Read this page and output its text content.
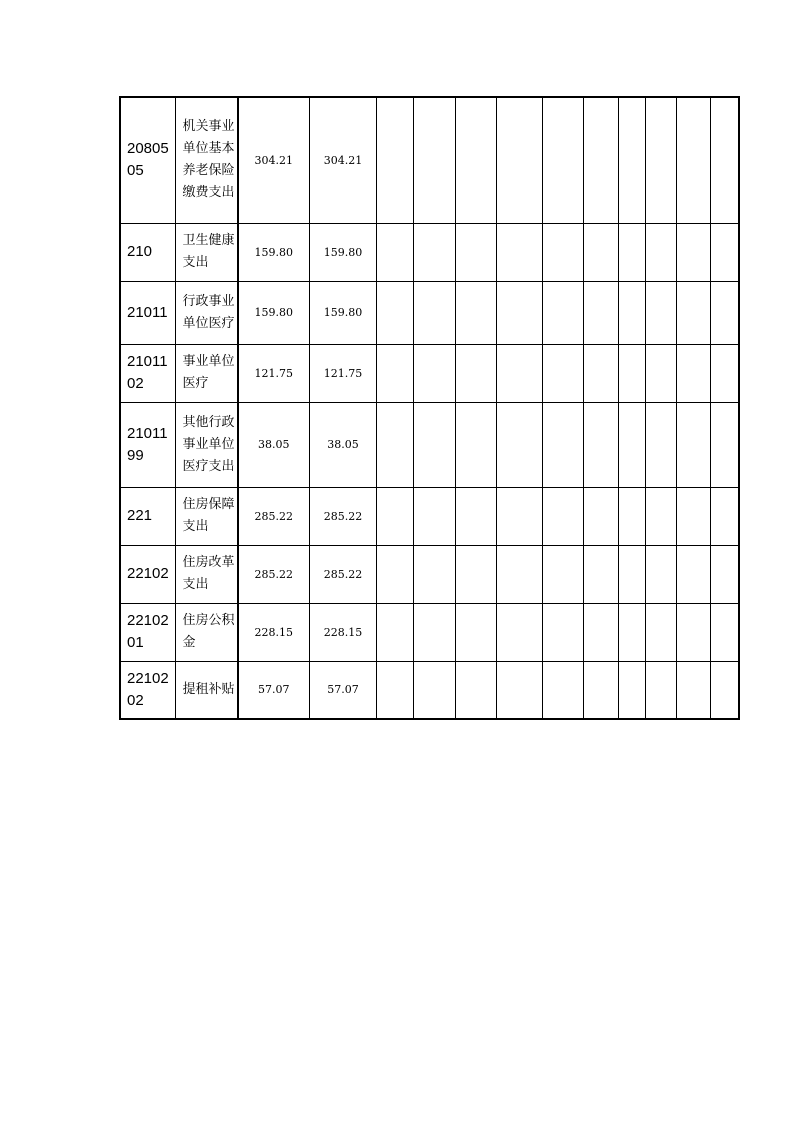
2080505	机关事业单位基本养老保险缴费支出	304.21	304.21										
210	卫生健康支出	159.80	159.80										
21011	行政事业单位医疗	159.80	159.80										
2101102	事业单位医疗	121.75	121.75										
2101199	其他行政事业单位医疗支出	38.05	38.05										
221	住房保障支出	285.22	285.22										
22102	住房改革支出	285.22	285.22										
2210201	住房公积金	228.15	228.15										
2210202	提租补贴	57.07	57.07										
